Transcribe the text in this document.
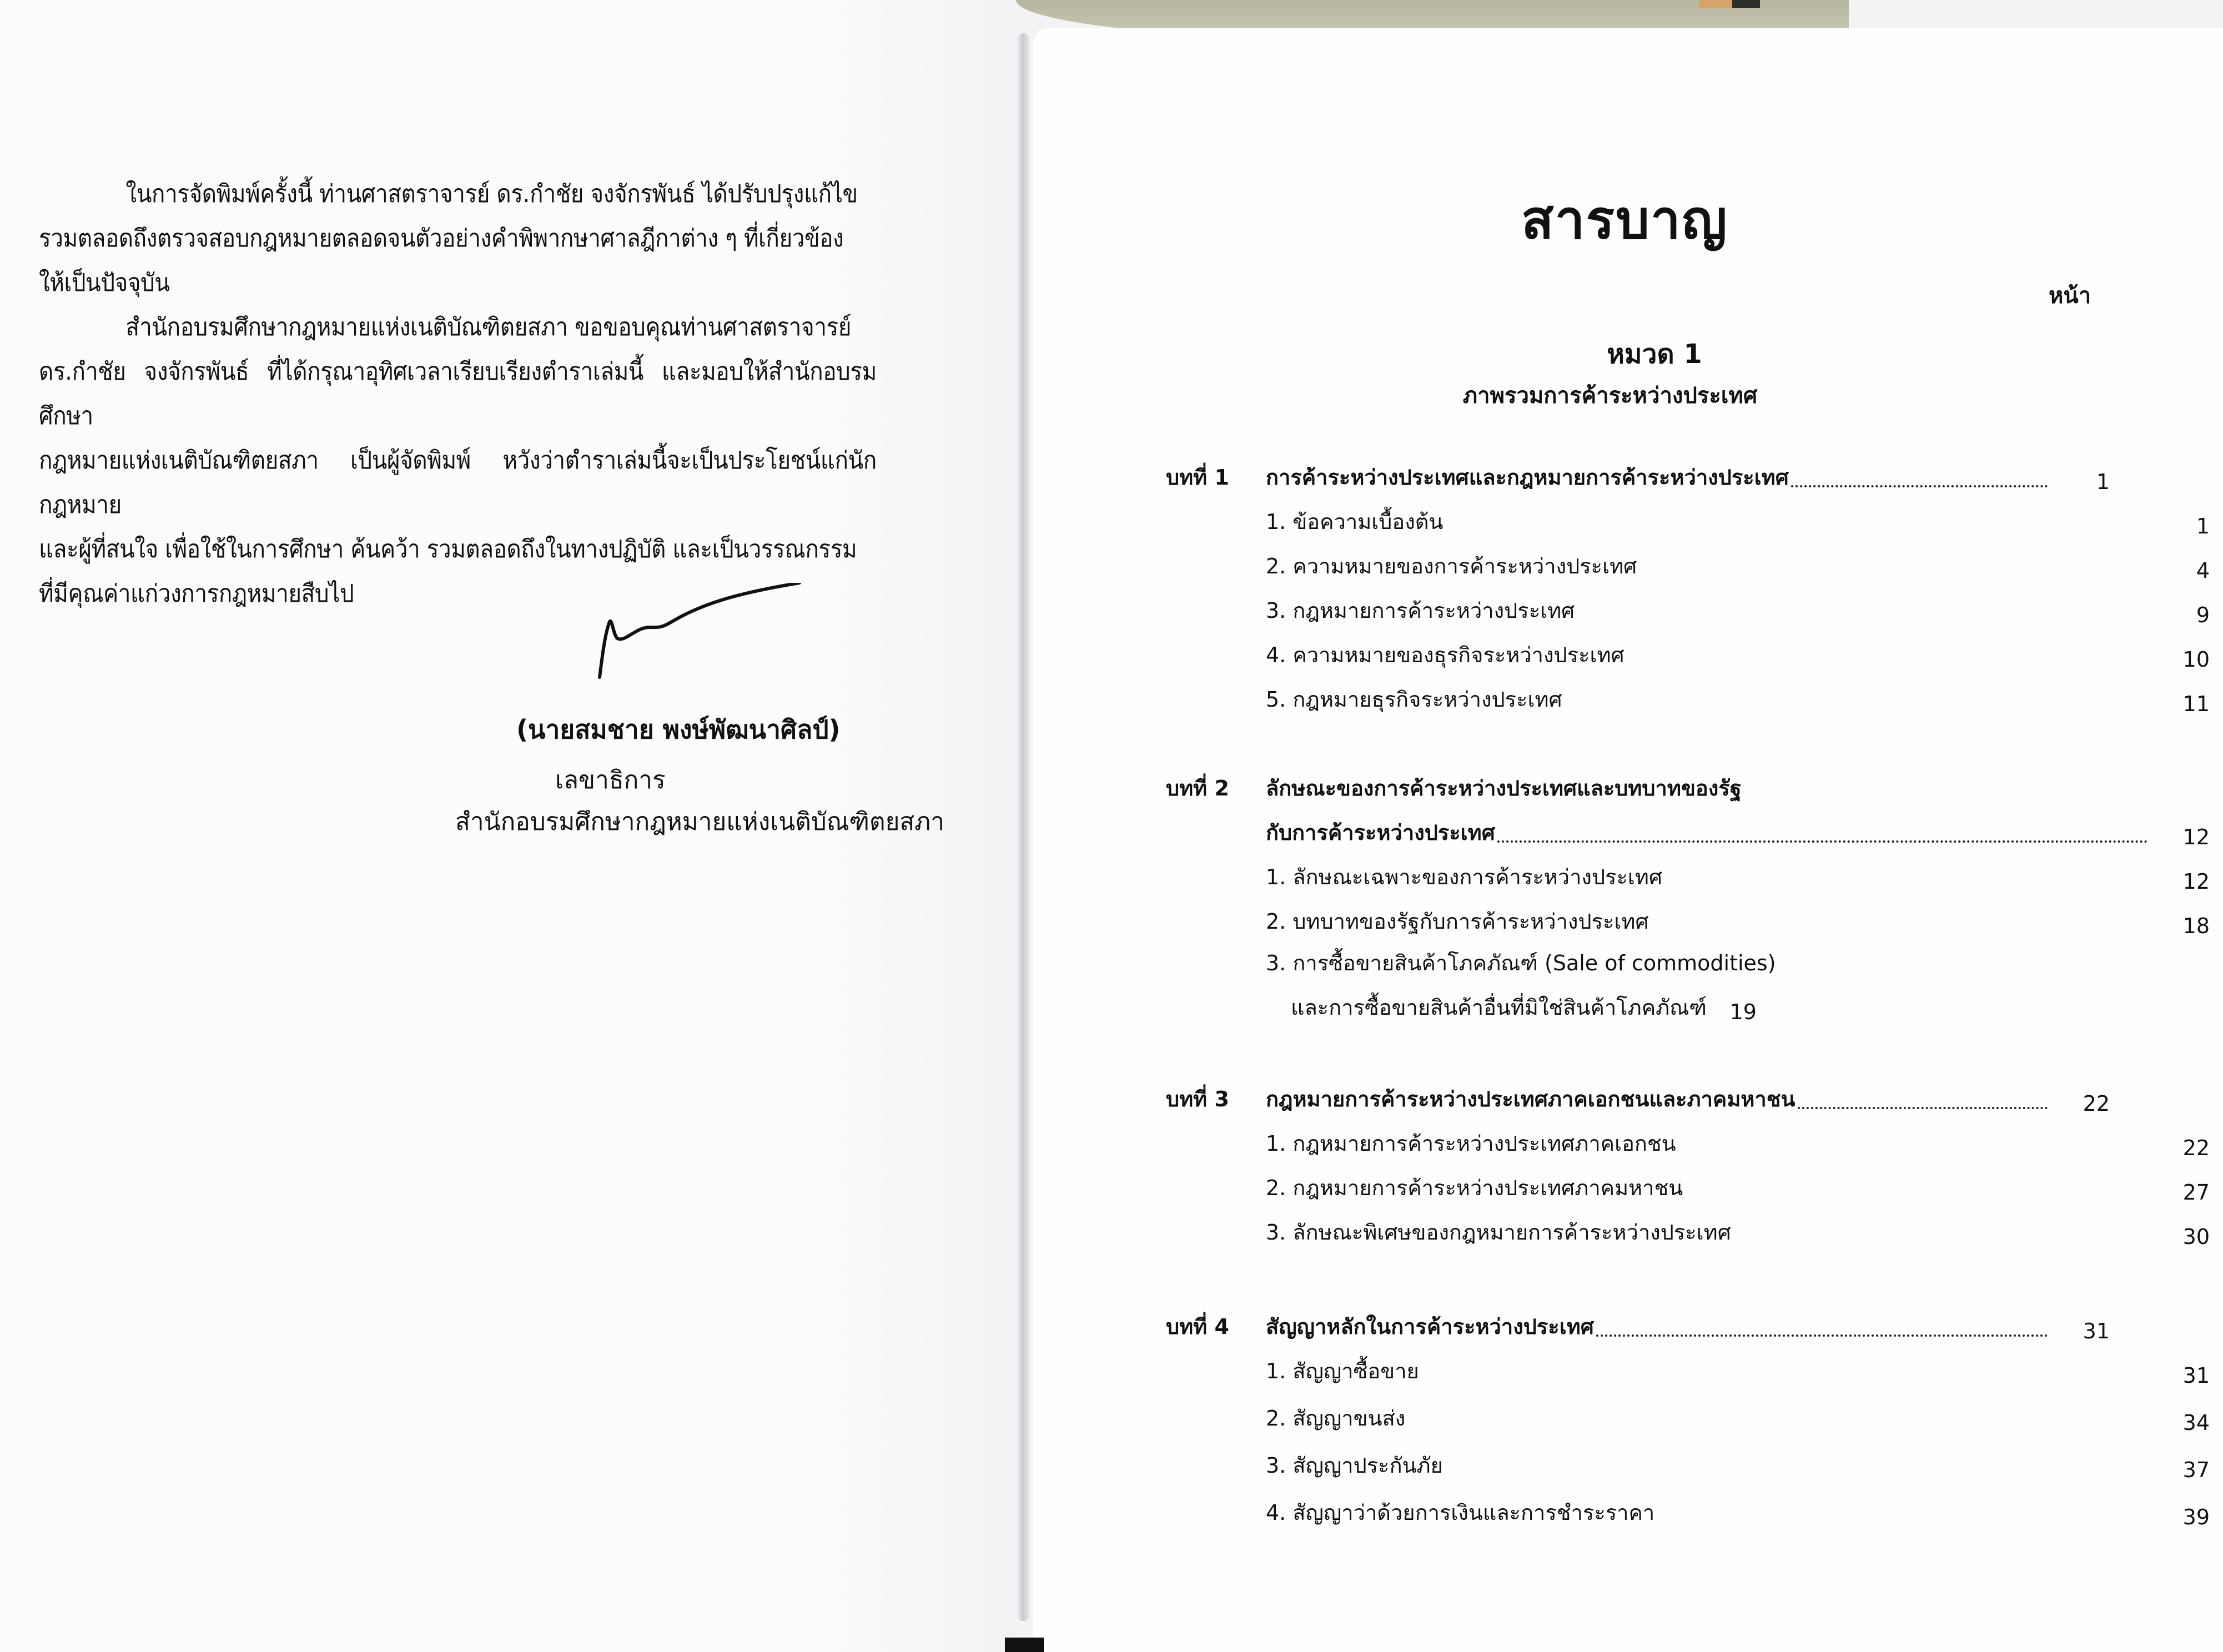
ในการจัดพิมพ์ครั้งนี้ ท่านศาสตราจารย์ ดร.กำชัย จงจักรพันธ์ ได้ปรับปรุงแก้ไข

รวมตลอดถึงตรวจสอบกฎหมายตลอดจนตัวอย่างคำพิพากษาศาลฎีกาต่าง ๆ ที่เกี่ยวข้อง

ให้เป็นปัจจุบัน

สำนักอบรมศึกษากฎหมายแห่งเนติบัณฑิตยสภา ขอขอบคุณท่านศาสตราจารย์

ดร.กำชัย จงจักรพันธ์ ที่ได้กรุณาอุทิศเวลาเรียบเรียงตำราเล่มนี้ และมอบให้สำนักอบรมศึกษา

กฎหมายแห่งเนติบัณฑิตยสภา เป็นผู้จัดพิมพ์ หวังว่าตำราเล่มนี้จะเป็นประโยชน์แก่นักกฎหมาย

และผู้ที่สนใจ เพื่อใช้ในการศึกษา ค้นคว้า รวมตลอดถึงในทางปฏิบัติ และเป็นวรรณกรรม

ที่มีคุณค่าแก่วงการกฎหมายสืบไป

(นายสมชาย พงษ์พัฒนาศิลป์)
เลขาธิการ
สำนักอบรมศึกษากฎหมายแห่งเนติบัณฑิตยสภา
สารบาญ
หน้า
หมวด 1
ภาพรวมการค้าระหว่างประเทศ
บทที่ 1	การค้าระหว่างประเทศและกฎหมายการค้าระหว่างประเทศ	1
1. ข้อความเบื้องต้น	1
2. ความหมายของการค้าระหว่างประเทศ	4
3. กฎหมายการค้าระหว่างประเทศ	9
4. ความหมายของธุรกิจระหว่างประเทศ	10
5. กฎหมายธุรกิจระหว่างประเทศ	11
บทที่ 2	ลักษณะของการค้าระหว่างประเทศและบทบาทของรัฐ
กับการค้าระหว่างประเทศ	12
1. ลักษณะเฉพาะของการค้าระหว่างประเทศ	12
2. บทบาทของรัฐกับการค้าระหว่างประเทศ	18
3. การซื้อขายสินค้าโภคภัณฑ์ (Sale of commodities)
และการซื้อขายสินค้าอื่นที่มิใช่สินค้าโภคภัณฑ์	19
บทที่ 3	กฎหมายการค้าระหว่างประเทศภาคเอกชนและภาคมหาชน	22
1. กฎหมายการค้าระหว่างประเทศภาคเอกชน	22
2. กฎหมายการค้าระหว่างประเทศภาคมหาชน	27
3. ลักษณะพิเศษของกฎหมายการค้าระหว่างประเทศ	30
บทที่ 4	สัญญาหลักในการค้าระหว่างประเทศ	31
1. สัญญาซื้อขาย	31
2. สัญญาขนส่ง	34
3. สัญญาประกันภัย	37
4. สัญญาว่าด้วยการเงินและการชำระราคา	39
